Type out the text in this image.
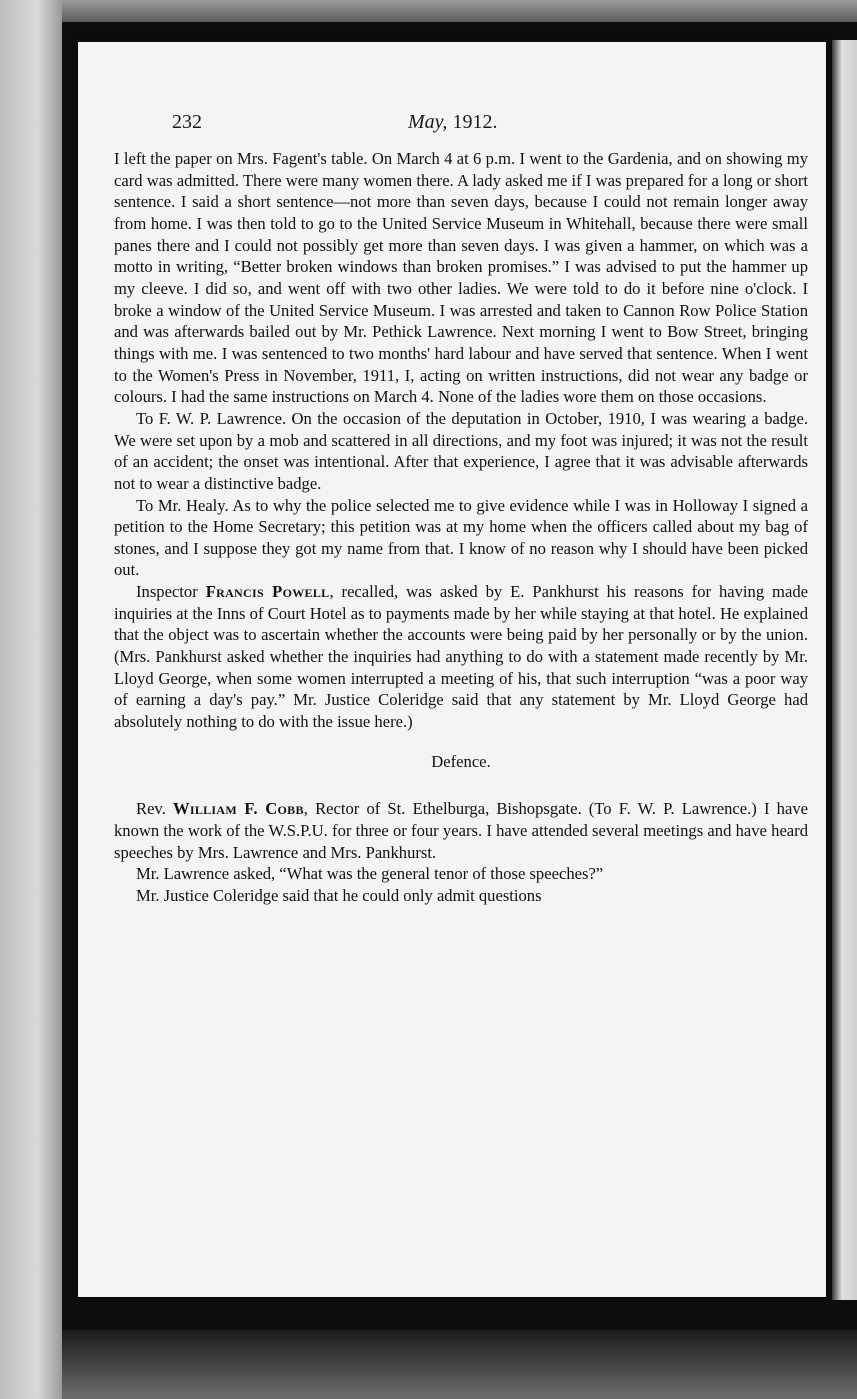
232	May, 1912.

I left the paper on Mrs. Fagent's table. On March 4 at 6 p.m. I went to the Gardenia, and on showing my card was admitted. There were many women there. A lady asked me if I was prepared for a long or short sentence. I said a short sentence—not more than seven days, because I could not remain longer away from home. I was then told to go to the United Service Museum in Whitehall, because there were small panes there and I could not possibly get more than seven days. I was given a hammer, on which was a motto in writing, “Better broken windows than broken promises.” I was advised to put the hammer up my cleeve. I did so, and went off with two other ladies. We were told to do it before nine o'clock. I broke a window of the United Service Museum. I was arrested and taken to Cannon Row Police Station and was afterwards bailed out by Mr. Pethick Lawrence. Next morning I went to Bow Street, bringing things with me. I was sentenced to two months' hard labour and have served that sentence. When I went to the Women's Press in November, 1911, I, acting on written instructions, did not wear any badge or colours. I had the same instructions on March 4. None of the ladies wore them on those occasions.

To F. W. P. Lawrence. On the occasion of the deputation in October, 1910, I was wearing a badge. We were set upon by a mob and scattered in all directions, and my foot was injured; it was not the result of an accident; the onset was intentional. After that experience, I agree that it was advisable afterwards not to wear a distinctive badge.

To Mr. Healy. As to why the police selected me to give evidence while I was in Holloway I signed a petition to the Home Secretary; this petition was at my home when the officers called about my bag of stones, and I suppose they got my name from that. I know of no reason why I should have been picked out.

Inspector Francis Powell, recalled, was asked by E. Pankhurst his reasons for having made inquiries at the Inns of Court Hotel as to payments made by her while staying at that hotel. He explained that the object was to ascertain whether the accounts were being paid by her personally or by the union. (Mrs. Pankhurst asked whether the inquiries had anything to do with a statement made recently by Mr. Lloyd George, when some women interrupted a meeting of his, that such interruption “was a poor way of earning a day's pay.” Mr. Justice Coleridge said that any statement by Mr. Lloyd George had absolutely nothing to do with the issue here.)

Defence.

Rev. William F. Cobb, Rector of St. Ethelburga, Bishopsgate. (To F. W. P. Lawrence.) I have known the work of the W.S.P.U. for three or four years. I have attended several meetings and have heard speeches by Mrs. Lawrence and Mrs. Pankhurst.

Mr. Lawrence asked, “What was the general tenor of those speeches?”

Mr. Justice Coleridge said that he could only admit questions
